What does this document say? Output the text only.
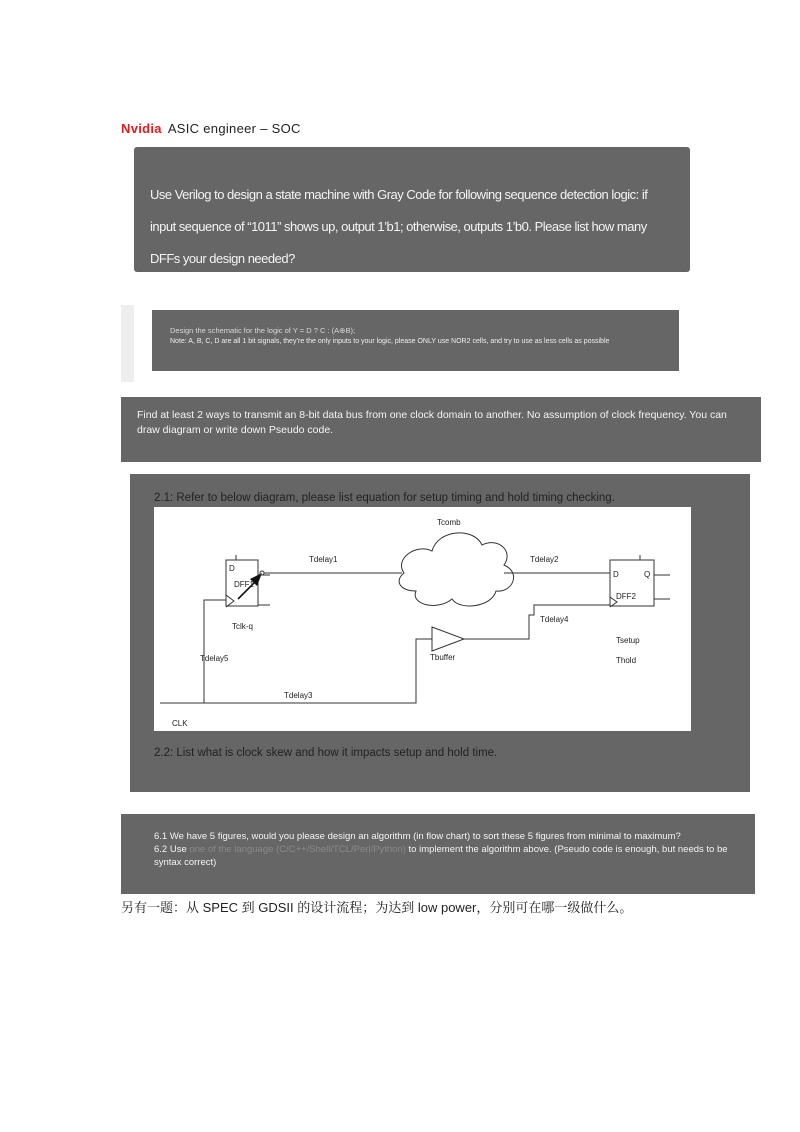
Nvidia ASIC engineer – SOC
Use Verilog to design a state machine with Gray Code for following sequence detection logic: if input sequence of “1011” shows up, output 1’b1; otherwise, outputs 1’b0. Please list how many DFFs your design needed?
Design the schematic for the logic of Y = D ? C : (A⊕B);
Note: A, B, C, D are all 1 bit signals, they’re the only inputs to your logic, please ONLY use NOR2 cells, and try to use as less cells as possible
Find at least 2 ways to transmit an 8-bit data bus from one clock domain to another. No assumption of clock frequency. You can draw diagram or write down Pseudo code.
2.1: Refer to below diagram, please list equation for setup timing and hold timing checking.
DFF1
D
DFF2
D	Q
Tcomb
Tdelay1	Tdelay2
Tdelay4
Tclk-q
Tdelay5	Tbuffer
Tdelay3
Tsetup
Thold
CLK
2.2: List what is clock skew and how it impacts setup and hold time.
6.1 We have 5 figures, would you please design an algorithm (in flow chart) to sort these 5 figures from minimal to maximum?
6.2 Use one of the language (C/C++/Shell/TCL/Perl/Python) to implement the algorithm above. (Pseudo code is enough, but needs to be syntax correct)
另有一题：从 SPEC 到 GDSII 的设计流程；为达到 low power，分别可在哪一级做什么。
